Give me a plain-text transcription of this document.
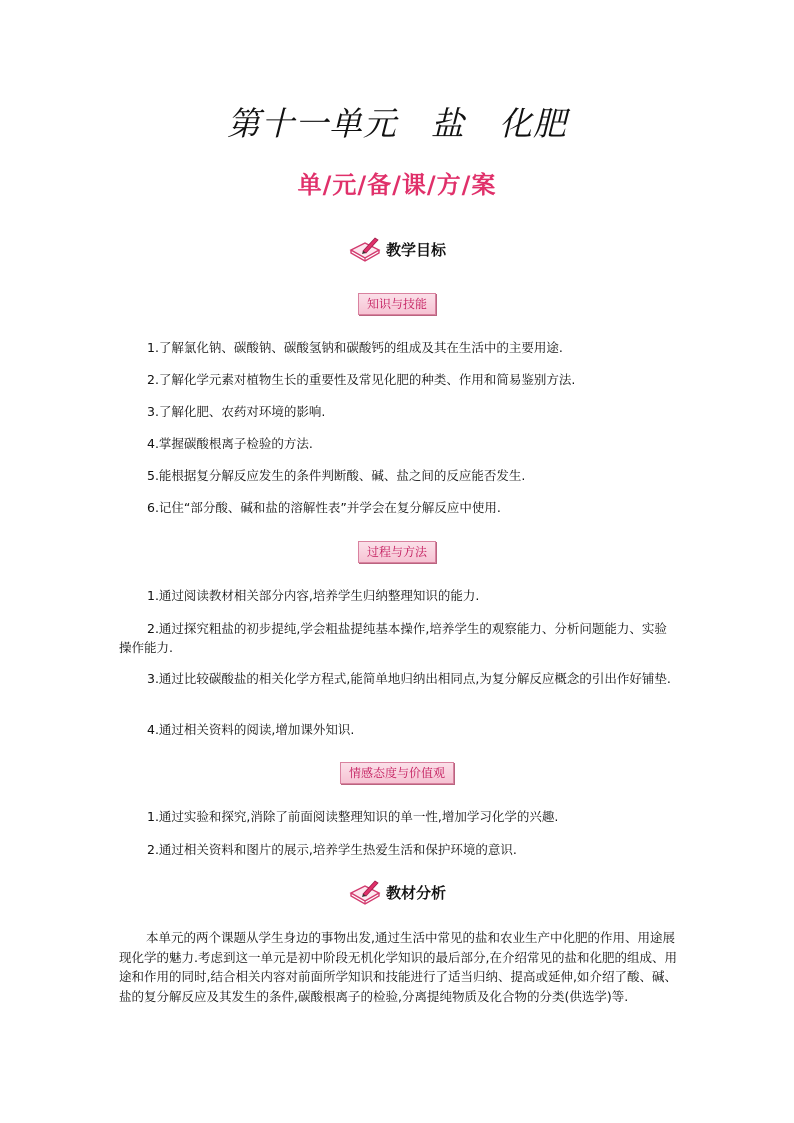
第十一单元　盐　化肥
单/元/备/课/方/案
教学目标
知识与技能

1.了解氯化钠、碳酸钠、碳酸氢钠和碳酸钙的组成及其在生活中的主要用途.

2.了解化学元素对植物生长的重要性及常见化肥的种类、作用和简易鉴别方法.

3.了解化肥、农药对环境的影响.

4.掌握碳酸根离子检验的方法.

5.能根据复分解反应发生的条件判断酸、碱、盐之间的反应能否发生.

6.记住“部分酸、碱和盐的溶解性表”并学会在复分解反应中使用.

过程与方法

1.通过阅读教材相关部分内容,培养学生归纳整理知识的能力.

2.通过探究粗盐的初步提纯,学会粗盐提纯基本操作,培养学生的观察能力、分析问题能力、实验操作能力.

3.通过比较碳酸盐的相关化学方程式,能简单地归纳出相同点,为复分解反应概念的引出作好铺垫.

4.通过相关资料的阅读,增加课外知识.

情感态度与价值观

1.通过实验和探究,消除了前面阅读整理知识的单一性,增加学习化学的兴趣.

2.通过相关资料和图片的展示,培养学生热爱生活和保护环境的意识.

教材分析

本单元的两个课题从学生身边的事物出发,通过生活中常见的盐和农业生产中化肥的作用、用途展现化学的魅力.考虑到这一单元是初中阶段无机化学知识的最后部分,在介绍常见的盐和化肥的组成、用途和作用的同时,结合相关内容对前面所学知识和技能进行了适当归纳、提高或延伸,如介绍了酸、碱、盐的复分解反应及其发生的条件,碳酸根离子的检验,分离提纯物质及化合物的分类(供选学)等.
